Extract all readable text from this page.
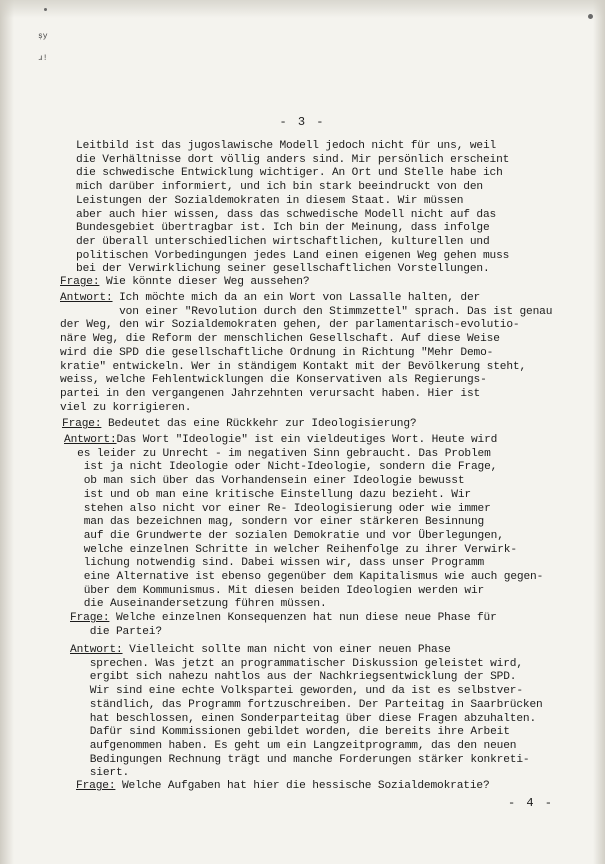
ṣy
ɹ!
- 3 -
Leitbild ist das jugoslawische Modell jedoch nicht für uns, weil
die Verhältnisse dort völlig anders sind. Mir persönlich erscheint
die schwedische Entwicklung wichtiger. An Ort und Stelle habe ich
mich darüber informiert, und ich bin stark beeindruckt von den
Leistungen der Sozialdemokraten in diesem Staat. Wir müssen
aber auch hier wissen, dass das schwedische Modell nicht auf das
Bundesgebiet übertragbar ist. Ich bin der Meinung, dass infolge
der überall unterschiedlichen wirtschaftlichen, kulturellen und
politischen Vorbedingungen jedes Land einen eigenen Weg gehen muss
bei der Verwirklichung seiner gesellschaftlichen Vorstellungen.
Frage: Wie könnte dieser Weg aussehen?
Antwort: Ich möchte mich da an ein Wort von Lassalle halten, der
von einer "Revolution durch den Stimmzettel" sprach. Das ist genau
der Weg, den wir Sozialdemokraten gehen, der parlamentarisch-evolutio-
näre Weg, die Reform der menschlichen Gesellschaft. Auf diese Weise
wird die SPD die gesellschaftliche Ordnung in Richtung "Mehr Demo-
kratie" entwickeln. Wer in ständigem Kontakt mit der Bevölkerung steht,
weiss, welche Fehlentwicklungen die Konservativen als Regierungs-
partei in den vergangenen Jahrzehnten verursacht haben. Hier ist
viel zu korrigieren.
Frage: Bedeutet das eine Rückkehr zur Ideologisierung?
Antwort:Das Wort "Ideologie" ist ein vieldeutiges Wort. Heute wird
es leider zu Unrecht - im negativen Sinn gebraucht. Das Problem
ist ja nicht Ideologie oder Nicht-Ideologie, sondern die Frage,
ob man sich über das Vorhandensein einer Ideologie bewusst
ist und ob man eine kritische Einstellung dazu bezieht. Wir
stehen also nicht vor einer Re- Ideologisierung oder wie immer
man das bezeichnen mag, sondern vor einer stärkeren Besinnung
auf die Grundwerte der sozialen Demokratie und vor Überlegungen,
welche einzelnen Schritte in welcher Reihenfolge zu ihrer Verwirk-
lichung notwendig sind. Dabei wissen wir, dass unser Programm
eine Alternative ist ebenso gegenüber dem Kapitalismus wie auch gegen-
über dem Kommunismus. Mit diesen beiden Ideologien werden wir
die Auseinandersetzung führen müssen.
Frage: Welche einzelnen Konsequenzen hat nun diese neue Phase für
die Partei?
Antwort: Vielleicht sollte man nicht von einer neuen Phase
sprechen. Was jetzt an programmatischer Diskussion geleistet wird,
ergibt sich nahezu nahtlos aus der Nachkriegsentwicklung der SPD.
Wir sind eine echte Volkspartei geworden, und da ist es selbstver-
ständlich, das Programm fortzuschreiben. Der Parteitag in Saarbrücken
hat beschlossen, einen Sonderparteitag über diese Fragen abzuhalten.
Dafür sind Kommissionen gebildet worden, die bereits ihre Arbeit
aufgenommen haben. Es geht um ein Langzeitprogramm, das den neuen
Bedingungen Rechnung trägt und manche Forderungen stärker konkreti-
siert.
Frage: Welche Aufgaben hat hier die hessische Sozialdemokratie?
- 4 -
